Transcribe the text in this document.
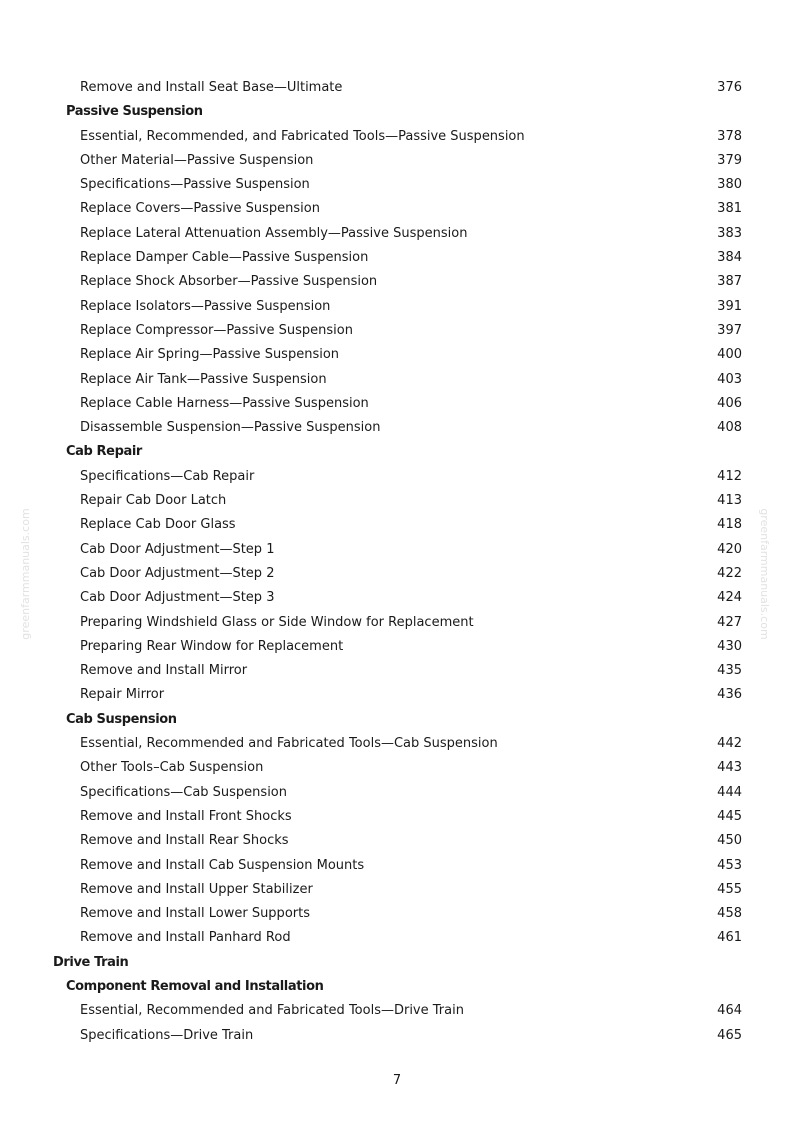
Remove and Install Seat Base—Ultimate	376
Passive Suspension
Essential, Recommended, and Fabricated Tools—Passive Suspension	378
Other Material—Passive Suspension	379
Specifications—Passive Suspension	380
Replace Covers—Passive Suspension	381
Replace Lateral Attenuation Assembly—Passive Suspension	383
Replace Damper Cable—Passive Suspension	384
Replace Shock Absorber—Passive Suspension	387
Replace Isolators—Passive Suspension	391
Replace Compressor—Passive Suspension	397
Replace Air Spring—Passive Suspension	400
Replace Air Tank—Passive Suspension	403
Replace Cable Harness—Passive Suspension	406
Disassemble Suspension—Passive Suspension	408
Cab Repair
Specifications—Cab Repair	412
Repair Cab Door Latch	413
Replace Cab Door Glass	418
Cab Door Adjustment—Step 1	420
Cab Door Adjustment—Step 2	422
Cab Door Adjustment—Step 3	424
Preparing Windshield Glass or Side Window for Replacement	427
Preparing Rear Window for Replacement	430
Remove and Install Mirror	435
Repair Mirror	436
Cab Suspension
Essential, Recommended and Fabricated Tools—Cab Suspension	442
Other Tools–Cab Suspension	443
Specifications—Cab Suspension	444
Remove and Install Front Shocks	445
Remove and Install Rear Shocks	450
Remove and Install Cab Suspension Mounts	453
Remove and Install Upper Stabilizer	455
Remove and Install Lower Supports	458
Remove and Install Panhard Rod	461
Drive Train
Component Removal and Installation
Essential, Recommended and Fabricated Tools—Drive Train	464
Specifications—Drive Train	465
7
greenfarmmanuals.com	greenfarmmanuals.com
